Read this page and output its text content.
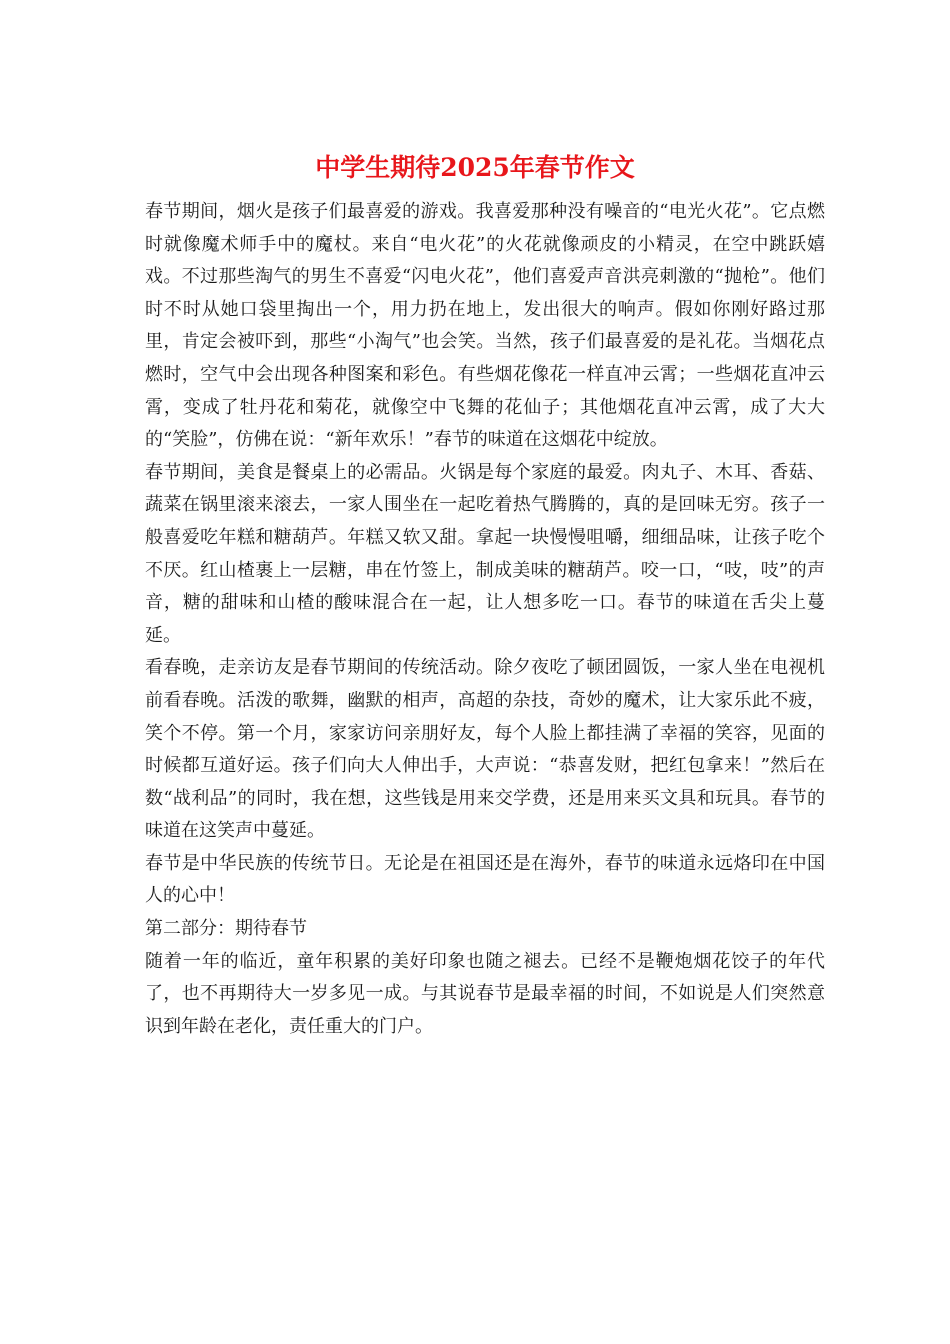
中学生期待2025年春节作文

春节期间，烟火是孩子们最喜爱的游戏。我喜爱那种没有噪音的“电光火花”。它点燃时就像魔术师手中的魔杖。来自“电火花”的火花就像顽皮的小精灵，在空中跳跃嬉戏。不过那些淘气的男生不喜爱“闪电火花”，他们喜爱声音洪亮刺激的“抛枪”。他们时不时从她口袋里掏出一个，用力扔在地上，发出很大的响声。假如你刚好路过那里，肯定会被吓到，那些“小淘气”也会笑。当然，孩子们最喜爱的是礼花。当烟花点燃时，空气中会出现各种图案和彩色。有些烟花像花一样直冲云霄；一些烟花直冲云霄，变成了牡丹花和菊花，就像空中飞舞的花仙子；其他烟花直冲云霄，成了大大的“笑脸”，仿佛在说：“新年欢乐！”春节的味道在这烟花中绽放。

春节期间，美食是餐桌上的必需品。火锅是每个家庭的最爱。肉丸子、木耳、香菇、蔬菜在锅里滚来滚去，一家人围坐在一起吃着热气腾腾的，真的是回味无穷。孩子一般喜爱吃年糕和糖葫芦。年糕又软又甜。拿起一块慢慢咀嚼，细细品味，让孩子吃个不厌。红山楂裹上一层糖，串在竹签上，制成美味的糖葫芦。咬一口，“吱，吱”的声音，糖的甜味和山楂的酸味混合在一起，让人想多吃一口。春节的味道在舌尖上蔓延。

看春晚，走亲访友是春节期间的传统活动。除夕夜吃了顿团圆饭，一家人坐在电视机前看春晚。活泼的歌舞，幽默的相声，高超的杂技，奇妙的魔术，让大家乐此不疲，笑个不停。第一个月，家家访问亲朋好友，每个人脸上都挂满了幸福的笑容，见面的时候都互道好运。孩子们向大人伸出手，大声说：“恭喜发财，把红包拿来！”然后在数“战利品”的同时，我在想，这些钱是用来交学费，还是用来买文具和玩具。春节的味道在这笑声中蔓延。

春节是中华民族的传统节日。无论是在祖国还是在海外，春节的味道永远烙印在中国人的心中！

第二部分：期待春节

随着一年的临近，童年积累的美好印象也随之褪去。已经不是鞭炮烟花饺子的年代了，也不再期待大一岁多见一成。与其说春节是最幸福的时间，不如说是人们突然意识到年龄在老化，责任重大的门户。
